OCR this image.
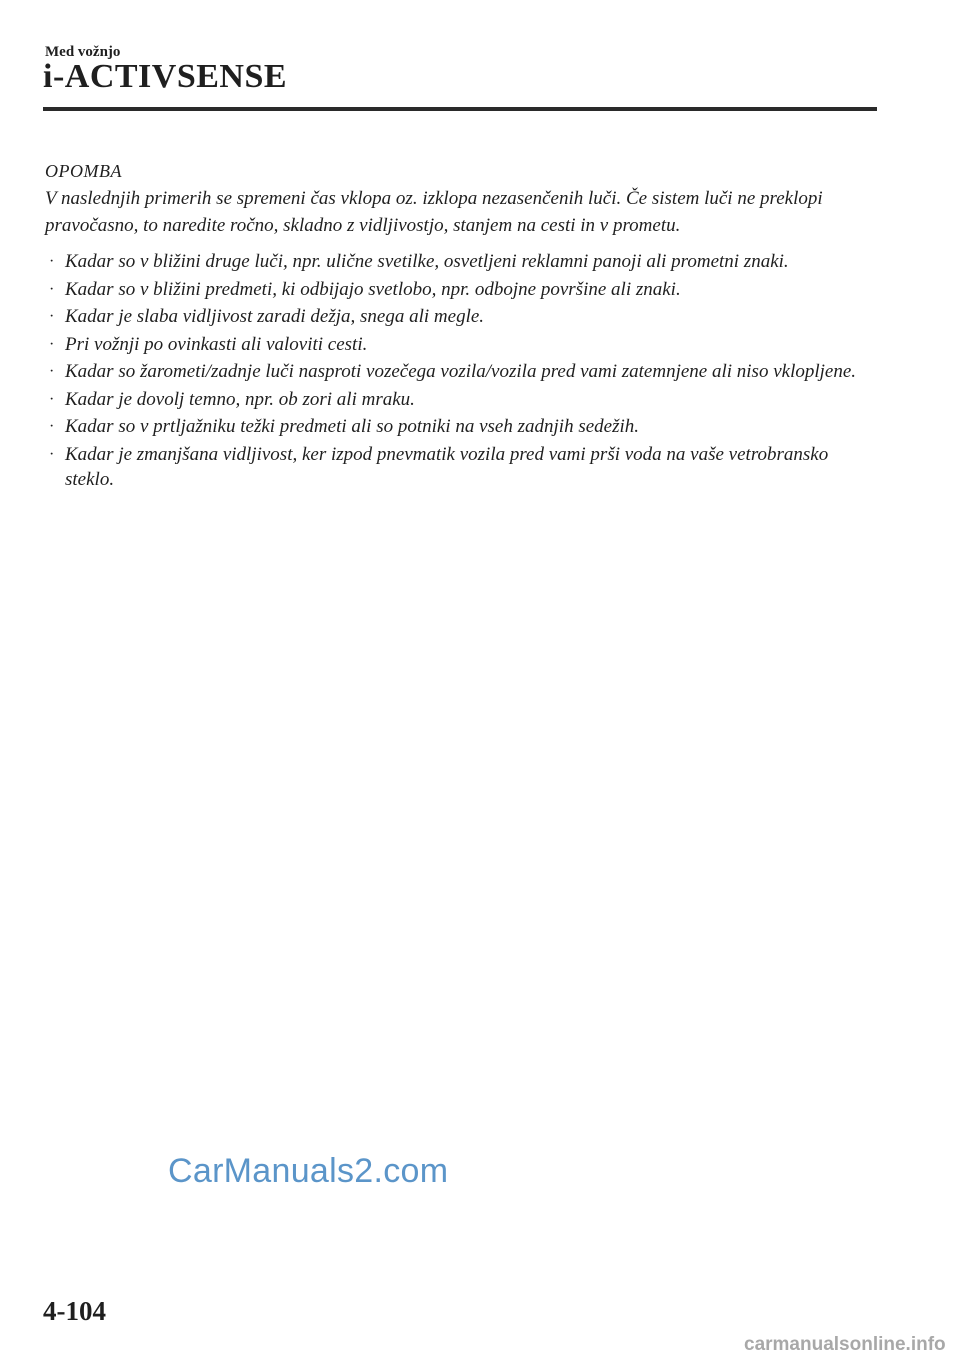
Med vožnjo
i-ACTIVSENSE
OPOMBA
V naslednjih primerih se spremeni čas vklopa oz. izklopa nezasenčenih luči. Če sistem luči ne preklopi pravočasno, to naredite ročno, skladno z vidljivostjo, stanjem na cesti in v prometu.
· Kadar so v bližini druge luči, npr. ulične svetilke, osvetljeni reklamni panoji ali prometni znaki.
· Kadar so v bližini predmeti, ki odbijajo svetlobo, npr. odbojne površine ali znaki.
· Kadar je slaba vidljivost zaradi dežja, snega ali megle.
· Pri vožnji po ovinkasti ali valoviti cesti.
· Kadar so žarometi/zadnje luči nasproti vozečega vozila/vozila pred vami zatemnjene ali niso vklopljene.
· Kadar je dovolj temno, npr. ob zori ali mraku.
· Kadar so v prtljažniku težki predmeti ali so potniki na vseh zadnjih sedežih.
· Kadar je zmanjšana vidljivost, ker izpod pnevmatik vozila pred vami prši voda na vaše vetrobransko steklo.
CarManuals2.com
4-104
carmanualsonline.info
